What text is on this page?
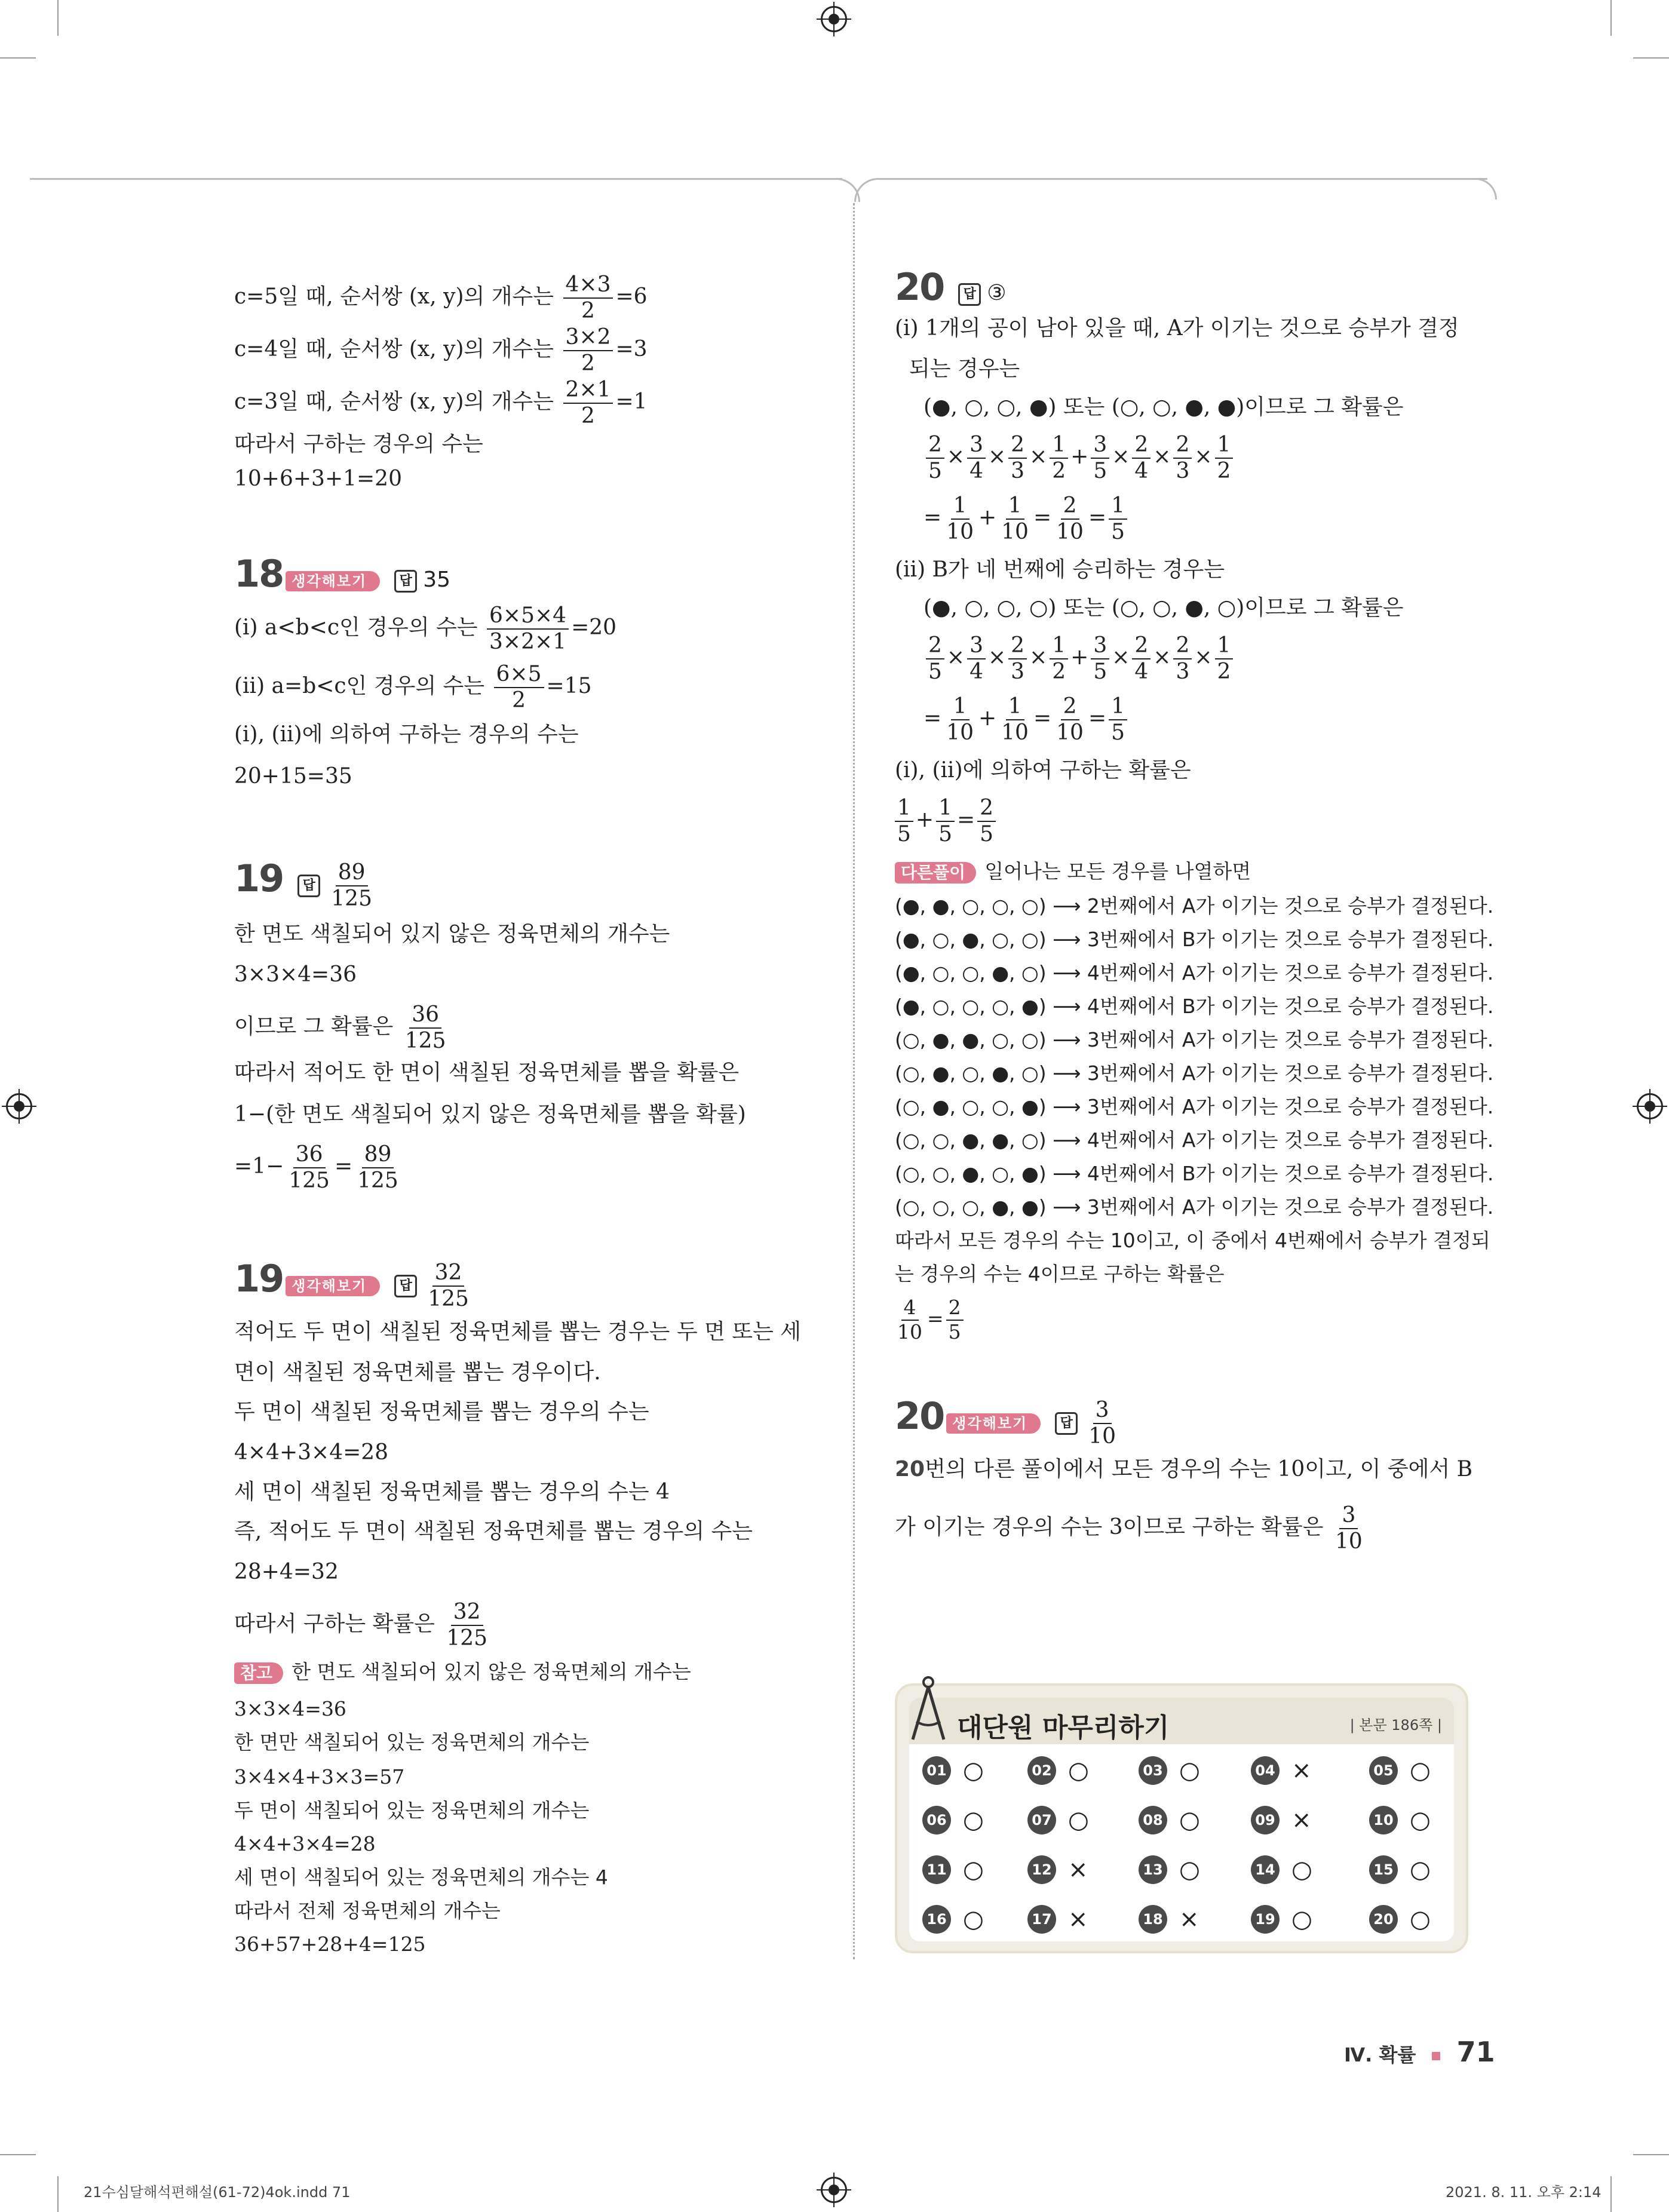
c=5일 때, 순서쌍 (x, y)의 개수는 $\frac{4\times 3}{2} =6$
c=4일 때, 순서쌍 (x, y)의 개수는 $\frac{3\times 2}{2} =3$
c=3일 때, 순서쌍 (x, y)의 개수는 $\frac{2\times 1}{2} =1$
따라서 구하는 경우의 수는
10+6+3+1=20
18 생각해보기 답 35
(ⅰ) a<b<c인 경우의 수는 $\frac{6\times 5\times 4}{3\times 2\times 1} =20$
(ⅱ) a=b<c인 경우의 수는 $\frac{6\times 5}{2} =15$
(ⅰ), (ⅱ)에 의하여 구하는 경우의 수는
20+15=35
19 답 $\frac{89}{125}$
한 면도 색칠되어 있지 않은 정육면체의 개수는
3×3×4=36
이므로 그 확률은 $\frac{36}{125}$
따라서 적어도 한 면이 색칠된 정육면체를 뽑을 확률은
1−(한 면도 색칠되어 있지 않은 정육면체를 뽑을 확률)
$=1- \frac{36}{125} = \frac{89}{125}$
19 생각해보기 답 $\frac{32}{125}$
적어도 두 면이 색칠된 정육면체를 뽑는 경우는 두 면 또는 세
면이 색칠된 정육면체를 뽑는 경우이다.
두 면이 색칠된 정육면체를 뽑는 경우의 수는
4×4+3×4=28
세 면이 색칠된 정육면체를 뽑는 경우의 수는 4
즉, 적어도 두 면이 색칠된 정육면체를 뽑는 경우의 수는
28+4=32
따라서 구하는 확률은 $\frac{32}{125}$
참고 한 면도 색칠되어 있지 않은 정육면체의 개수는
3×3×4=36
한 면만 색칠되어 있는 정육면체의 개수는
3×4×4+3×3=57
두 면이 색칠되어 있는 정육면체의 개수는
4×4+3×4=28
세 면이 색칠되어 있는 정육면체의 개수는 4
따라서 전체 정육면체의 개수는
36+57+28+4=125
20 답 ③
(ⅰ) 1개의 공이 남아 있을 때, A가 이기는 것으로 승부가 결정
되는 경우는
(●, ○, ○, ●) 또는 (○, ○, ●, ●)이므로 그 확률은
$\frac{2}{5} \times \frac{3}{4} \times \frac{2}{3} \times \frac{1}{2} + \frac{3}{5} \times \frac{2}{4} \times \frac{2}{3} \times \frac{1}{2}$
= $\frac{1}{10} + \frac{1}{10} = \frac{2}{10} = \frac{1}{5}$
(ⅱ) B가 네 번째에 승리하는 경우는
(●, ○, ○, ○) 또는 (○, ○, ●, ○)이므로 그 확률은
$\frac{2}{5} \times \frac{3}{4} \times \frac{2}{3} \times \frac{1}{2} + \frac{3}{5} \times \frac{2}{4} \times \frac{2}{3} \times \frac{1}{2}$
= $\frac{1}{10} + \frac{1}{10} = \frac{2}{10} = \frac{1}{5}$
(ⅰ), (ⅱ)에 의하여 구하는 확률은
$\frac{1}{5} + \frac{1}{5} = \frac{2}{5}$
다른풀이 일어나는 모든 경우를 나열하면
(●, ●, ○, ○, ○) ⟶ 2번째에서 A가 이기는 것으로 승부가 결정된다.
(●, ○, ●, ○, ○) ⟶ 3번째에서 B가 이기는 것으로 승부가 결정된다.
(●, ○, ○, ●, ○) ⟶ 4번째에서 A가 이기는 것으로 승부가 결정된다.
(●, ○, ○, ○, ●) ⟶ 4번째에서 B가 이기는 것으로 승부가 결정된다.
(○, ●, ●, ○, ○) ⟶ 3번째에서 A가 이기는 것으로 승부가 결정된다.
(○, ●, ○, ●, ○) ⟶ 3번째에서 A가 이기는 것으로 승부가 결정된다.
(○, ●, ○, ○, ●) ⟶ 3번째에서 A가 이기는 것으로 승부가 결정된다.
(○, ○, ●, ●, ○) ⟶ 4번째에서 A가 이기는 것으로 승부가 결정된다.
(○, ○, ●, ○, ●) ⟶ 4번째에서 B가 이기는 것으로 승부가 결정된다.
(○, ○, ○, ●, ●) ⟶ 3번째에서 A가 이기는 것으로 승부가 결정된다.
따라서 모든 경우의 수는 10이고, 이 중에서 4번째에서 승부가 결정되
는 경우의 수는 4이므로 구하는 확률은
$\frac{4}{10} = \frac{2}{5}$
20 생각해보기 답 $\frac{3}{10}$
20번의 다른 풀이에서 모든 경우의 수는 10이고, 이 중에서 B
가 이기는 경우의 수는 3이므로 구하는 확률은 $\frac{3}{10}$
대단원 마무리하기	| 본문 186쪽 |
01 ○	02 ○	03 ○	04 ×	05 ○
06 ○	07 ○	08 ○	09 ×	10 ○
11 ○	12 ×	13 ○	14 ○	15 ○
16 ○	17 ×	18 ×	19 ○	20 ○
Ⅳ. 확률 71
21수심달해석편해설(61-72)4ok.indd 71	2021. 8. 11. 오후 2:14
